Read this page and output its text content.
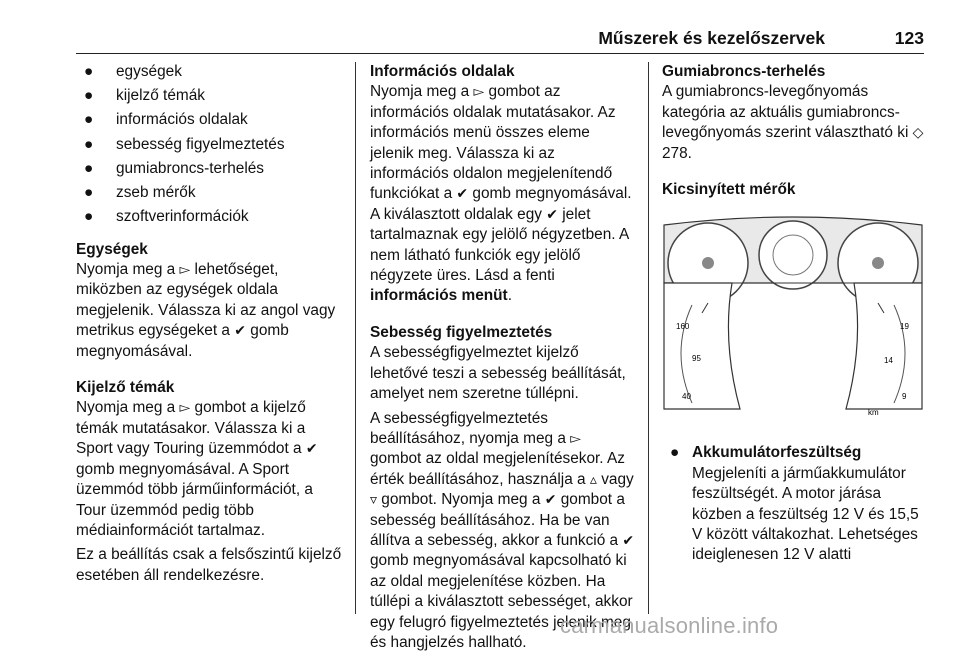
Műszerek és kezelőszervek	123
● egységek
● kijelző témák
● információs oldalak
● sebesség figyelmeztetés
● gumiabroncs-terhelés
● zseb mérők
● szoftverinformációk

Egységek

Nyomja meg a ▻ lehetőséget, miközben az egységek oldala megjelenik. Válassza ki az angol vagy metrikus egységeket a ✔ gomb megnyomásával.

Kijelző témák

Nyomja meg a ▻ gombot a kijelző témák mutatásakor. Válassza ki a Sport vagy Touring üzemmódot a ✔ gomb megnyomásával. A Sport üzemmód több járműinformációt, a Tour üzemmód pedig több médiainformációt tartalmaz.

Ez a beállítás csak a felsőszintű kijelző esetében áll rendelkezésre.

Információs oldalak

Nyomja meg a ▻ gombot az információs oldalak mutatásakor. Az információs menü összes eleme jelenik meg. Válassza ki az információs oldalon megjelenítendő funkciókat a ✔ gomb megnyomásával. A kiválasztott oldalak egy ✔ jelet tartalmaznak egy jelölő négyzetben. A nem látható funkciók egy jelölő négyzete üres. Lásd a fenti információs menüt.

Sebesség figyelmeztetés

A sebességfigyelmeztet kijelző lehetővé teszi a sebesség beállítását, amelyet nem szeretne túllépni.

A sebességfigyelmeztetés beállításához, nyomja meg a ▻ gombot az oldal megjelenítésekor. Az érték beállításához, használja a ▵ vagy ▿ gombot. Nyomja meg a ✔ gombot a sebesség beállításához. Ha be van állítva a sebesség, akkor a funkció a ✔ gomb megnyomásával kapcsolható ki az oldal megjelenítése közben. Ha túllépi a kiválasztott sebességet, akkor egy felugró figyelmeztetés jelenik meg és hangjelzés hallható.

Gumiabroncs-terhelés

A gumiabroncs-levegőnyomás kategória az aktuális gumiabroncs-levegőnyomás szerint választható ki ◇ 278.

Kicsinyített mérők

160
95
40
19
14
9
km
● Akkumulátorfeszültség

Megjeleníti a járműakkumulátor feszültségét. A motor járása közben a feszültség 12 V és 15,5 V között váltakozhat. Lehetséges ideiglenesen 12 V alatti

carmanualsonline.info
